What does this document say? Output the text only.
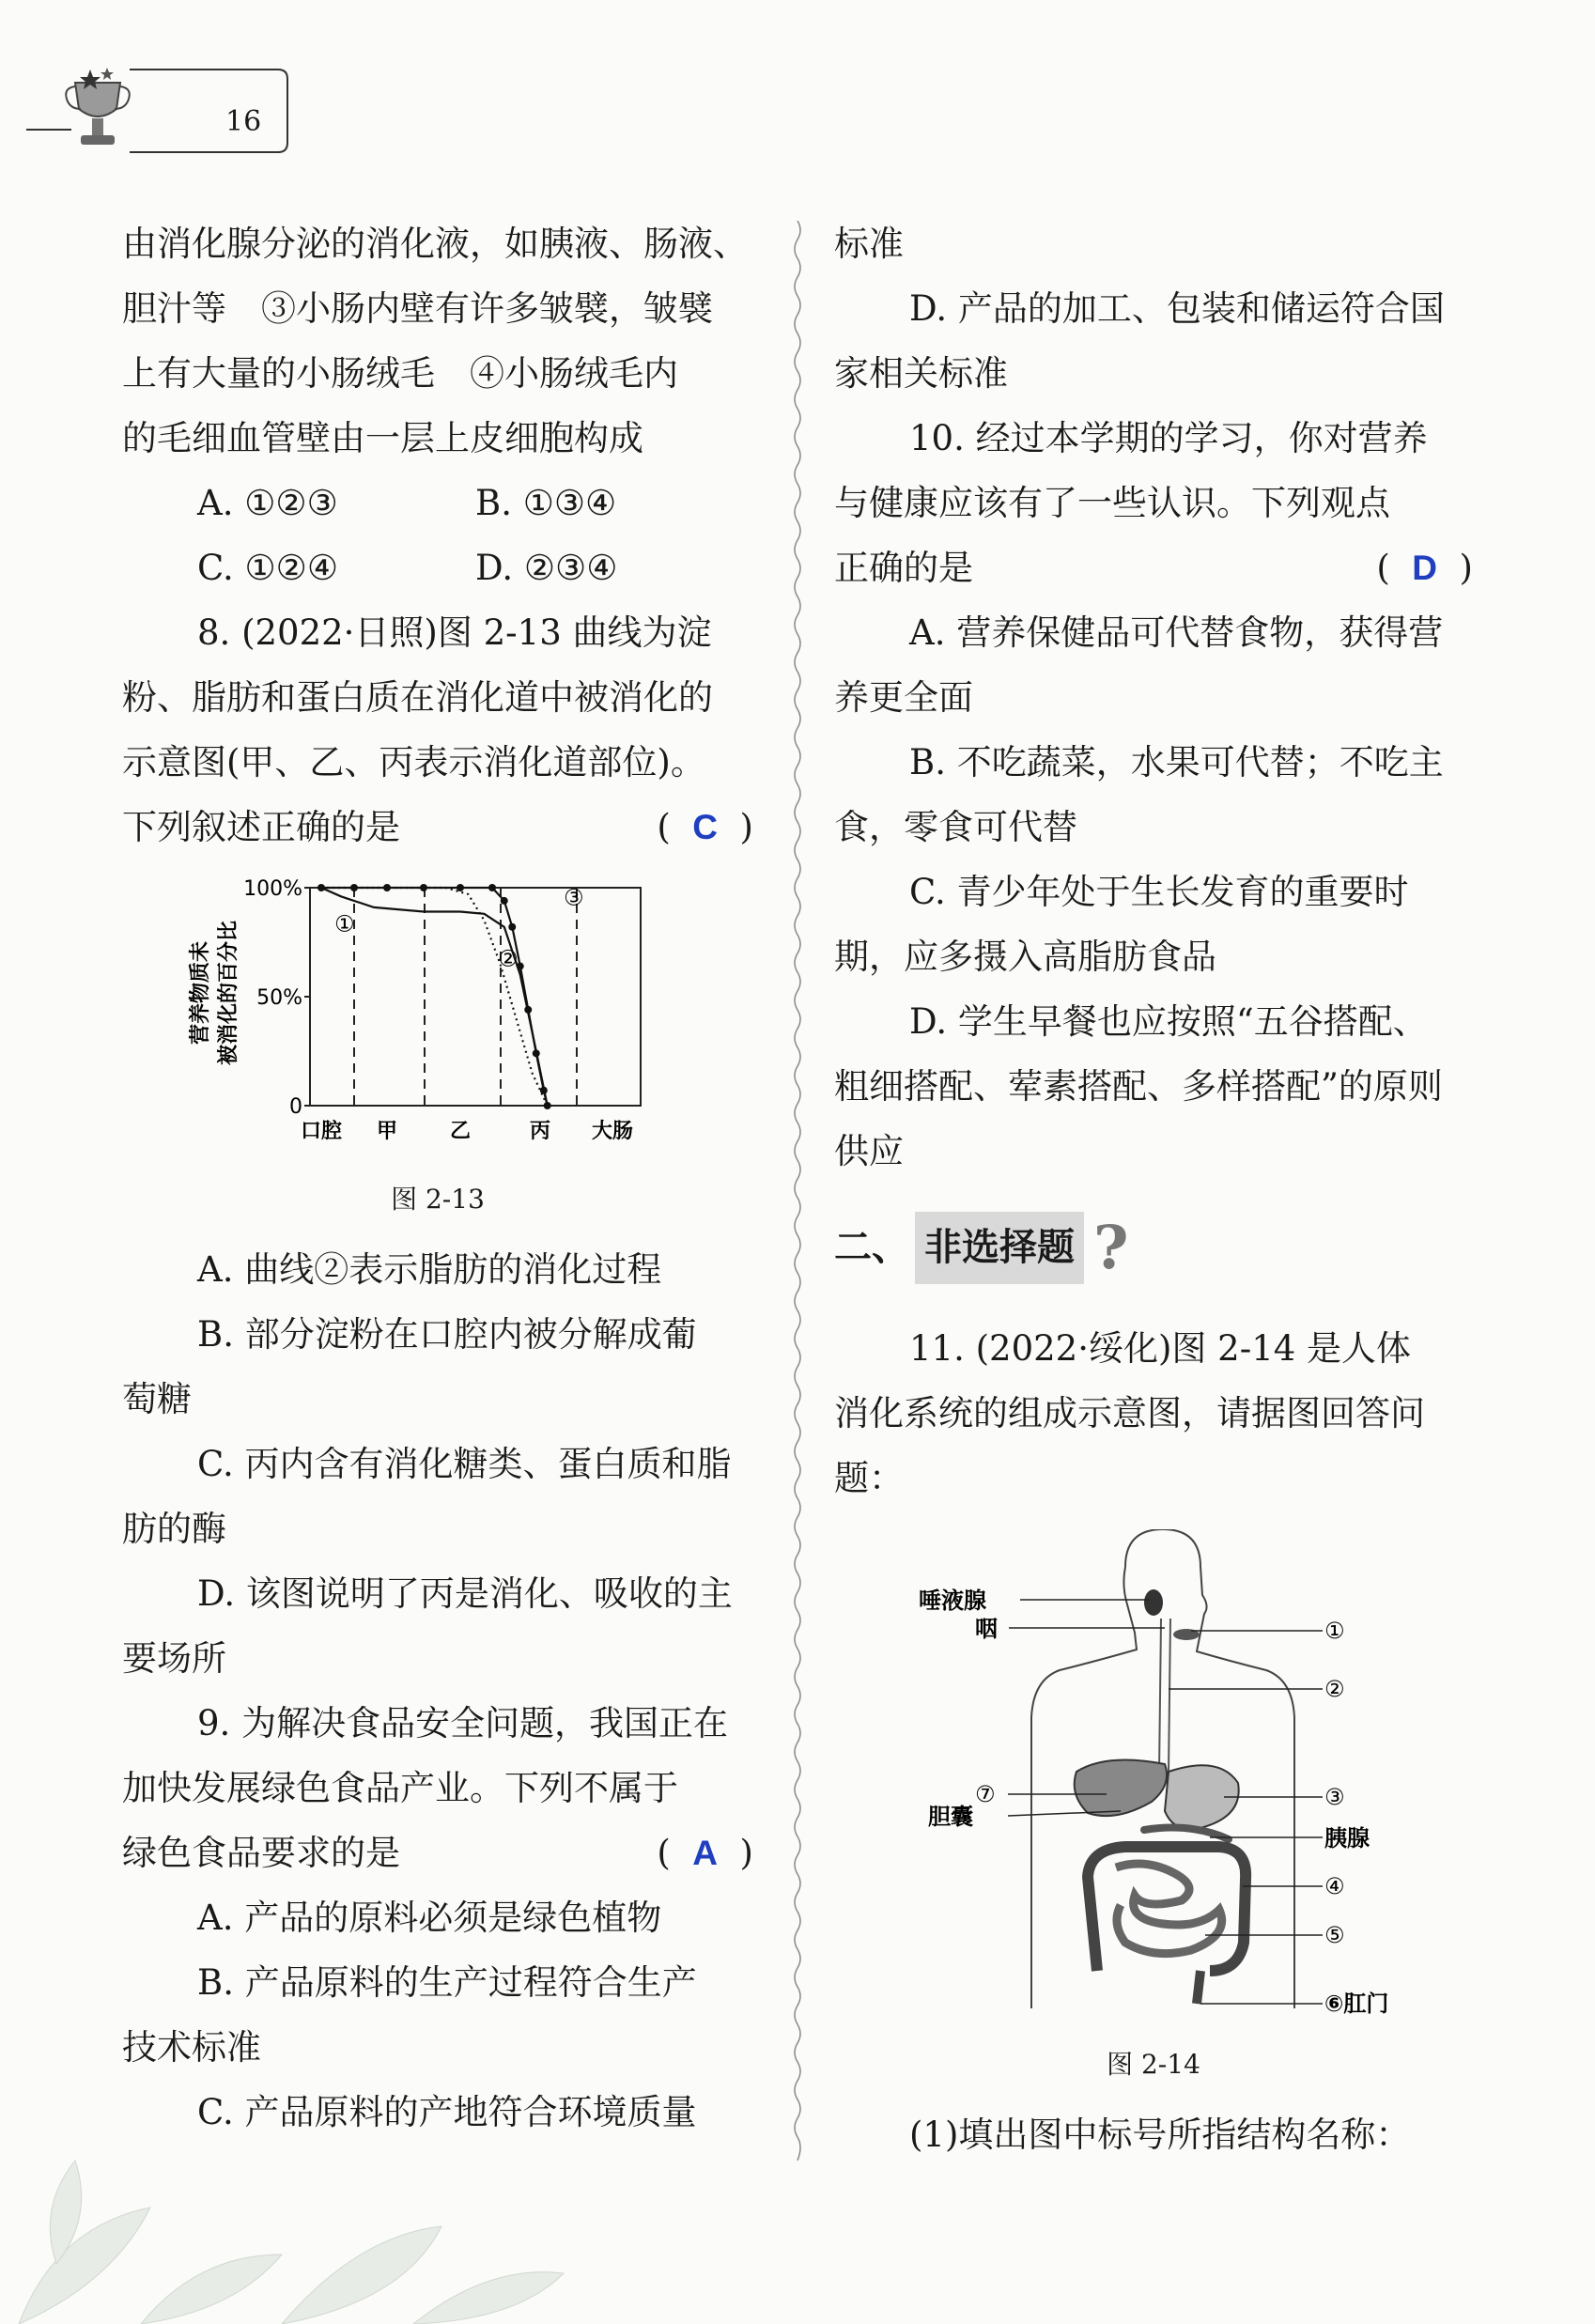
16

由消化腺分泌的消化液，如胰液、肠液、

胆汁等　③小肠内壁有许多皱襞，皱襞

上有大量的小肠绒毛　④小肠绒毛内

的毛细血管壁由一层上皮细胞构成

A. ①②③	B. ①③④
C. ①②④	D. ②③④

8. (2022·日照)图 2-13 曲线为淀

粉、脂肪和蛋白质在消化道中被消化的

示意图(甲、乙、丙表示消化道部位)。

下列叙述正确的是	(  C  )
营养物质未 被消化的百分比
100%
50%
0
口腔 甲	乙	丙 大肠
①
②
③
图 2-13

A. 曲线②表示脂肪的消化过程

B. 部分淀粉在口腔内被分解成葡

萄糖

C. 丙内含有消化糖类、蛋白质和脂

肪的酶

D. 该图说明了丙是消化、吸收的主

要场所

9. 为解决食品安全问题，我国正在

加快发展绿色食品产业。下列不属于

绿色食品要求的是	(  A  )

A. 产品的原料必须是绿色植物

B. 产品原料的生产过程符合生产

技术标准

C. 产品原料的产地符合环境质量

标准

D. 产品的加工、包装和储运符合国

家相关标准

10. 经过本学期的学习，你对营养

与健康应该有了一些认识。下列观点

正确的是	(  D  )

A. 营养保健品可代替食物，获得营

养更全面

B. 不吃蔬菜，水果可代替；不吃主

食，零食可代替

C. 青少年处于生长发育的重要时

期，应多摄入高脂肪食品

D. 学生早餐也应按照“五谷搭配、

粗细搭配、荤素搭配、多样搭配”的原则

供应

二、 非选择题 ?

11. (2022·绥化)图 2-14 是人体

消化系统的组成示意图，请据图回答问

题：

唾液腺
咽	①
②
⑦
胆囊
③
胰腺
④
⑤
⑥肛门
图 2-14

(1)填出图中标号所指结构名称：
